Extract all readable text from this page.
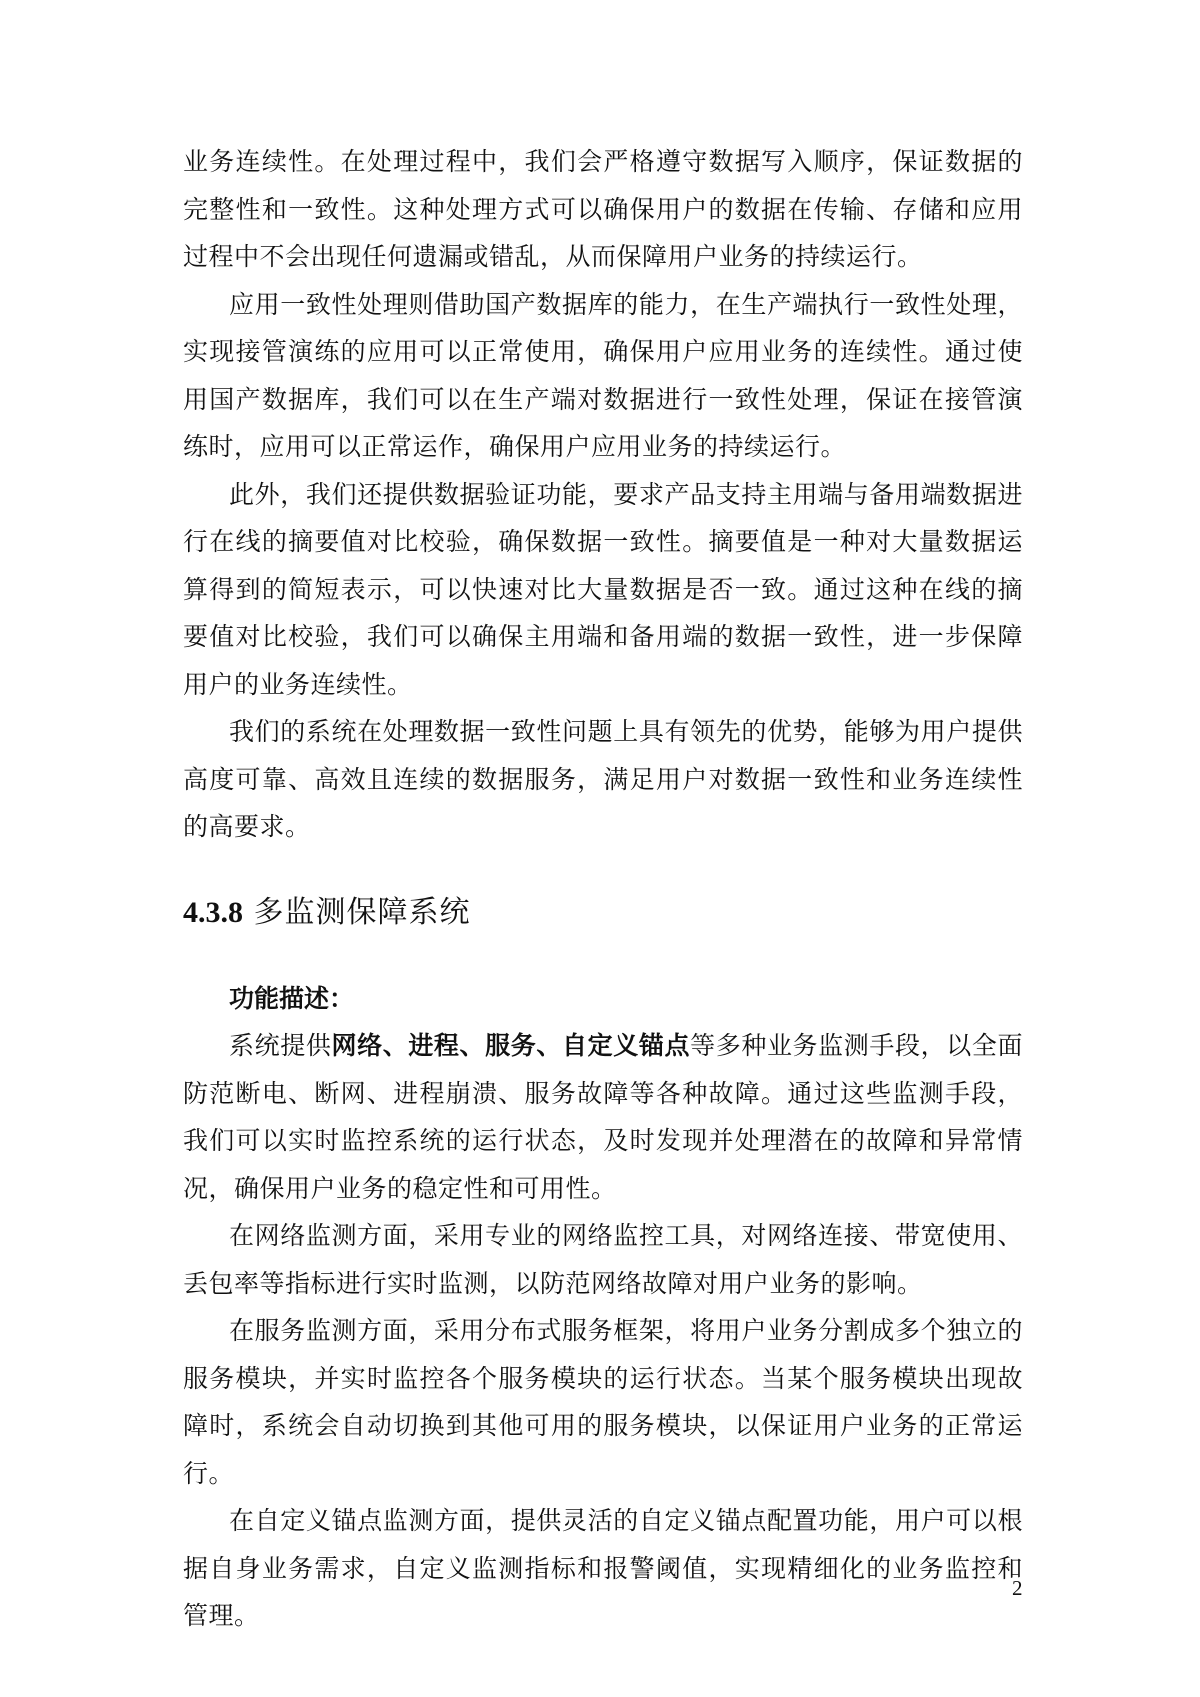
业务连续性。在处理过程中，我们会严格遵守数据写入顺序，保证数据的完整性和一致性。这种处理方式可以确保用户的数据在传输、存储和应用过程中不会出现任何遗漏或错乱，从而保障用户业务的持续运行。

应用一致性处理则借助国产数据库的能力，在生产端执行一致性处理，实现接管演练的应用可以正常使用，确保用户应用业务的连续性。通过使用国产数据库，我们可以在生产端对数据进行一致性处理，保证在接管演练时，应用可以正常运作，确保用户应用业务的持续运行。

此外，我们还提供数据验证功能，要求产品支持主用端与备用端数据进行在线的摘要值对比校验，确保数据一致性。摘要值是一种对大量数据运算得到的简短表示，可以快速对比大量数据是否一致。通过这种在线的摘要值对比校验，我们可以确保主用端和备用端的数据一致性，进一步保障用户的业务连续性。

我们的系统在处理数据一致性问题上具有领先的优势，能够为用户提供高度可靠、高效且连续的数据服务，满足用户对数据一致性和业务连续性的高要求。

4.3.8 多监测保障系统
功能描述：

系统提供网络、进程、服务、自定义锚点等多种业务监测手段，以全面防范断电、断网、进程崩溃、服务故障等各种故障。通过这些监测手段，我们可以实时监控系统的运行状态，及时发现并处理潜在的故障和异常情况，确保用户业务的稳定性和可用性。

在网络监测方面，采用专业的网络监控工具，对网络连接、带宽使用、丢包率等指标进行实时监测，以防范网络故障对用户业务的影响。

在服务监测方面，采用分布式服务框架，将用户业务分割成多个独立的服务模块，并实时监控各个服务模块的运行状态。当某个服务模块出现故障时，系统会自动切换到其他可用的服务模块，以保证用户业务的正常运行。

在自定义锚点监测方面，提供灵活的自定义锚点配置功能，用户可以根据自身业务需求，自定义监测指标和报警阈值，实现精细化的业务监控和管理。

2
